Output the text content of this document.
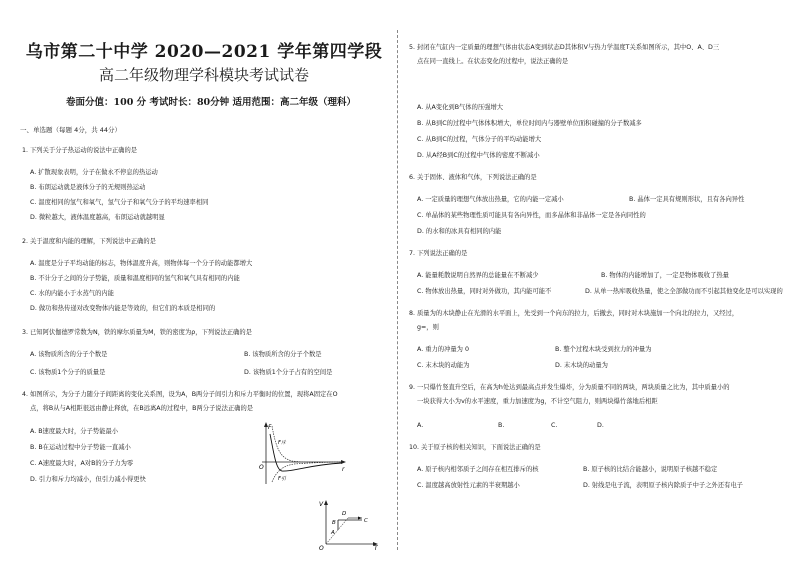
乌市第二十中学 2020—2021 学年第四学段
高二年级物理学科模块考试试卷
卷面分值：100 分 考试时长：80分钟 适用范围：高二年级（理科）
一、单选题（每题 4分，共 44分）
1. 下列关于分子热运动的说法中正确的是
A. 扩散现象表明，分子在做永不停息的热运动
B. 布朗运动就是液体分子的无规则热运动
C. 温度相同的氢气和氧气，氢气分子和氧气分子的平均速率相同
D. 微粒越大，液体温度越高，布朗运动就越明显
2. 关于温度和内能的理解，下列说法中正确的是
A. 温度是分子平均动能的标志，物体温度升高，则物体每一个分子的动能都增大
B. 不计分子之间的分子势能，质量和温度相同的氢气和氧气具有相同的内能
C. 水的内能小于水蒸气的内能
D. 做功和热传递对改变物体内能是等效的，但它们的本质是相同的
3. 已知阿伏伽德罗常数为N，铁的摩尔质量为M，铁的密度为ρ，下列说法正确的是
A. 该物质所含的分子个数是	B. 该物质所含的分子个数是
C. 该物质1个分子的质量是	D. 该物质1个分子占有的空间是
4. 如图所示，为分子力随分子间距离的变化关系图，设为A，B两分子间引力和斥力平衡时的位置，现将A固定在O
点，将B从与A相距很远由静止释放，在B远离A的过程中，B两分子说法正确的是
A. B速度最大时，分子势能最小
B. B在运动过程中分子势能一直减小
C. A速度最大时，A对B的分子力为零
D. 引力和斥力均减小，但引力减小得更快
F
r
O
F斥
F引
5. 封闭在气缸内一定质量的理想气体由状态A变到状态D其体积V与热力学温度T关系如图所示，其中O、A、D三
点在同一直线上。在状态变化的过程中，说法正确的是
A. 从A变化到B气体的压强增大
B. 从B到C的过程中气体体积增大，单位时间内与器壁单位面积碰撞的分子数减多
C. 从B到C的过程，气体分子的平均动能增大
D. 从A经B到C的过程中气体的密度不断减小
6. 关于固体、液体和气体，下列说法正确的是
A. 一定质量的理想气体放出热量，它的内能一定减小	B. 晶体一定具有规则形状，且有各向异性
C. 单晶体的某些物理性质可能具有各向异性，而多晶体和非晶体一定是各向同性的
D. 的水和的冰具有相同的内能
7. 下列说法正确的是
A. 能量耗散说明自然界的总能量在不断减少	B. 物体的内能增加了，一定是物体吸收了热量
C. 物体放出热量，同时对外做功，其内能可能不	D. 从单一热库吸收热量，使之全部做功而不引起其他变化是可以实现的
8. 质量为的木块静止在光滑的水平面上，先受到一个向东的拉力，后撤去，同时对木块施加一个向北的拉力，又经过，
g=，则
A. 重力的冲量为 0	B. 整个过程木块受到拉力的冲量为
C. 末木块的动能为	D. 末木块的动量为
9. 一只爆竹竖直升空后，在高为h处达到最高点并发生爆炸，分为质量不同的两块，两块质量之比为，其中质量小的
一块获得大小为v的水平速度，重力加速度为g，不计空气阻力，则两块爆竹落地后相距
A.	B.	C.	D.
10. 关于原子核的相关知识，下面说法正确的是
A. 原子核内相邻质子之间存在相互排斥的核	B. 原子核的比结合能越小，说明原子核越不稳定
C. 温度越高放射性元素的半衰期越小	D. 射线是电子流，表明原子核内除质子中子之外还有电子
V
T
O
A
B	C
D
